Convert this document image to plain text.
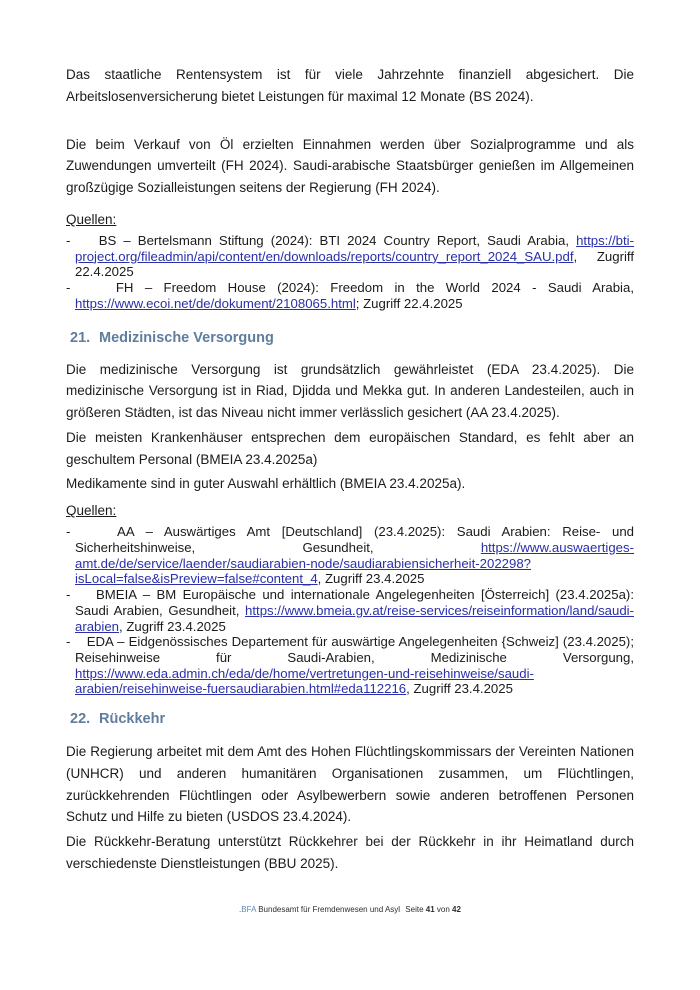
Das staatliche Rentensystem ist für viele Jahrzehnte finanziell abgesichert. Die Arbeitslosenversicherung bietet Leistungen für maximal 12 Monate (BS 2024).

Die beim Verkauf von Öl erzielten Einnahmen werden über Sozialprogramme und als Zuwendungen umverteilt (FH 2024). Saudi-arabische Staatsbürger genießen im Allgemeinen großzügige Sozialleistungen seitens der Regierung (FH 2024).

Quellen:
-    BS – Bertelsmann Stiftung (2024): BTI 2024 Country Report, Saudi Arabia, https://bti-project.org/fileadmin/api/content/en/downloads/reports/country_report_2024_SAU.pdf, Zugriff 22.4.2025
-    FH – Freedom House (2024): Freedom in the World 2024 - Saudi Arabia, https://www.ecoi.net/de/dokument/2108065.html; Zugriff 22.4.2025
21. Medizinische Versorgung

Die medizinische Versorgung ist grundsätzlich gewährleistet (EDA 23.4.2025). Die medizinische Versorgung ist in Riad, Djidda und Mekka gut. In anderen Landesteilen, auch in größeren Städten, ist das Niveau nicht immer verlässlich gesichert (AA 23.4.2025).

Die meisten Krankenhäuser entsprechen dem europäischen Standard, es fehlt aber an geschultem Personal (BMEIA 23.4.2025a)

Medikamente sind in guter Auswahl erhältlich (BMEIA 23.4.2025a).

Quellen:
-    AA – Auswärtiges Amt [Deutschland] (23.4.2025): Saudi Arabien: Reise- und Sicherheitshinweise, Gesundheit, https://www.auswaertiges-amt.de/de/service/laender/saudiarabien-node/saudiarabiensicherheit-202298?isLocal=false&isPreview=false#content_4, Zugriff 23.4.2025
-    BMEIA – BM Europäische und internationale Angelegenheiten [Österreich] (23.4.2025a): Saudi Arabien, Gesundheit, https://www.bmeia.gv.at/reise-services/reiseinformation/land/saudi-arabien, Zugriff 23.4.2025
-    EDA – Eidgenössisches Departement für auswärtige Angelegenheiten {Schweiz] (23.4.2025); Reisehinweise für Saudi-Arabien, Medizinische Versorgung, https://www.eda.admin.ch/eda/de/home/vertretungen-und-reisehinweise/saudi-arabien/reisehinweise-fuersaudiarabien.html#eda112216, Zugriff 23.4.2025
22. Rückkehr

Die Regierung arbeitet mit dem Amt des Hohen Flüchtlingskommissars der Vereinten Nationen (UNHCR) und anderen humanitären Organisationen zusammen, um Flüchtlingen, zurückkehrenden Flüchtlingen oder Asylbewerbern sowie anderen betroffenen Personen Schutz und Hilfe zu bieten (USDOS 23.4.2024).

Die Rückkehr-Beratung unterstützt Rückkehrer bei der Rückkehr in ihr Heimatland durch verschiedenste Dienstleistungen (BBU 2025).

.BFA Bundesamt für Fremdenwesen und Asyl Seite 41 von 42
